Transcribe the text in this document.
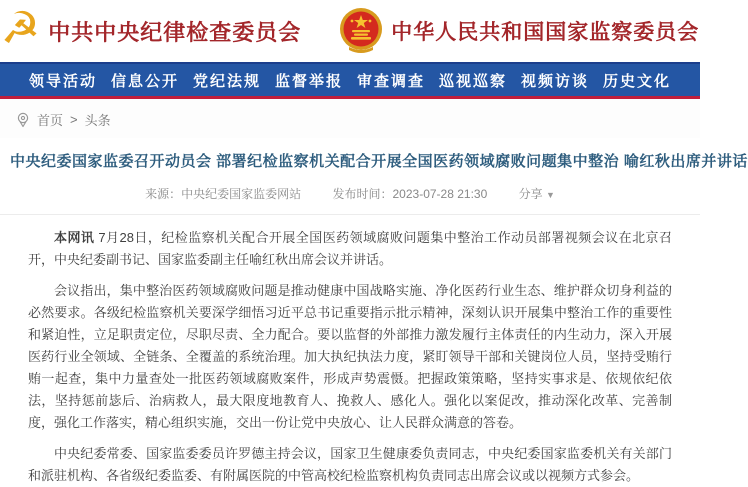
☭ 中共中央纪律检查委员会	中华人民共和国国家监察委员会
领导活动 信息公开 党纪法规 监督举报 审查调查 巡视巡察 视频访谈 历史文化
首页 > 头条
中央纪委国家监委召开动员会 部署纪检监察机关配合开展全国医药领域腐败问题集中整治 喻红秋出席并讲话
来源：中央纪委国家监委网站	发布时间：2023-07-28 21:30	分享 ▼

本网讯 7月28日，纪检监察机关配合开展全国医药领域腐败问题集中整治工作动员部署视频会议在北京召开，中央纪委副书记、国家监委副主任喻红秋出席会议并讲话。

会议指出，集中整治医药领域腐败问题是推动健康中国战略实施、净化医药行业生态、维护群众切身利益的必然要求。各级纪检监察机关要深学细悟习近平总书记重要指示批示精神，深刻认识开展集中整治工作的重要性和紧迫性，立足职责定位，尽职尽责、全力配合。要以监督的外部推力激发履行主体责任的内生动力，深入开展医药行业全领域、全链条、全覆盖的系统治理。加大执纪执法力度，紧盯领导干部和关键岗位人员，坚持受贿行贿一起查，集中力量查处一批医药领域腐败案件，形成声势震慑。把握政策策略，坚持实事求是、依规依纪依法，坚持惩前毖后、治病救人，最大限度地教育人、挽救人、感化人。强化以案促改，推动深化改革、完善制度，强化工作落实，精心组织实施，交出一份让党中央放心、让人民群众满意的答卷。

中央纪委常委、国家监委委员许罗德主持会议，国家卫生健康委负责同志，中央纪委国家监委机关有关部门和派驻机构、各省级纪委监委、有附属医院的中管高校纪检监察机构负责同志出席会议或以视频方式参会。
